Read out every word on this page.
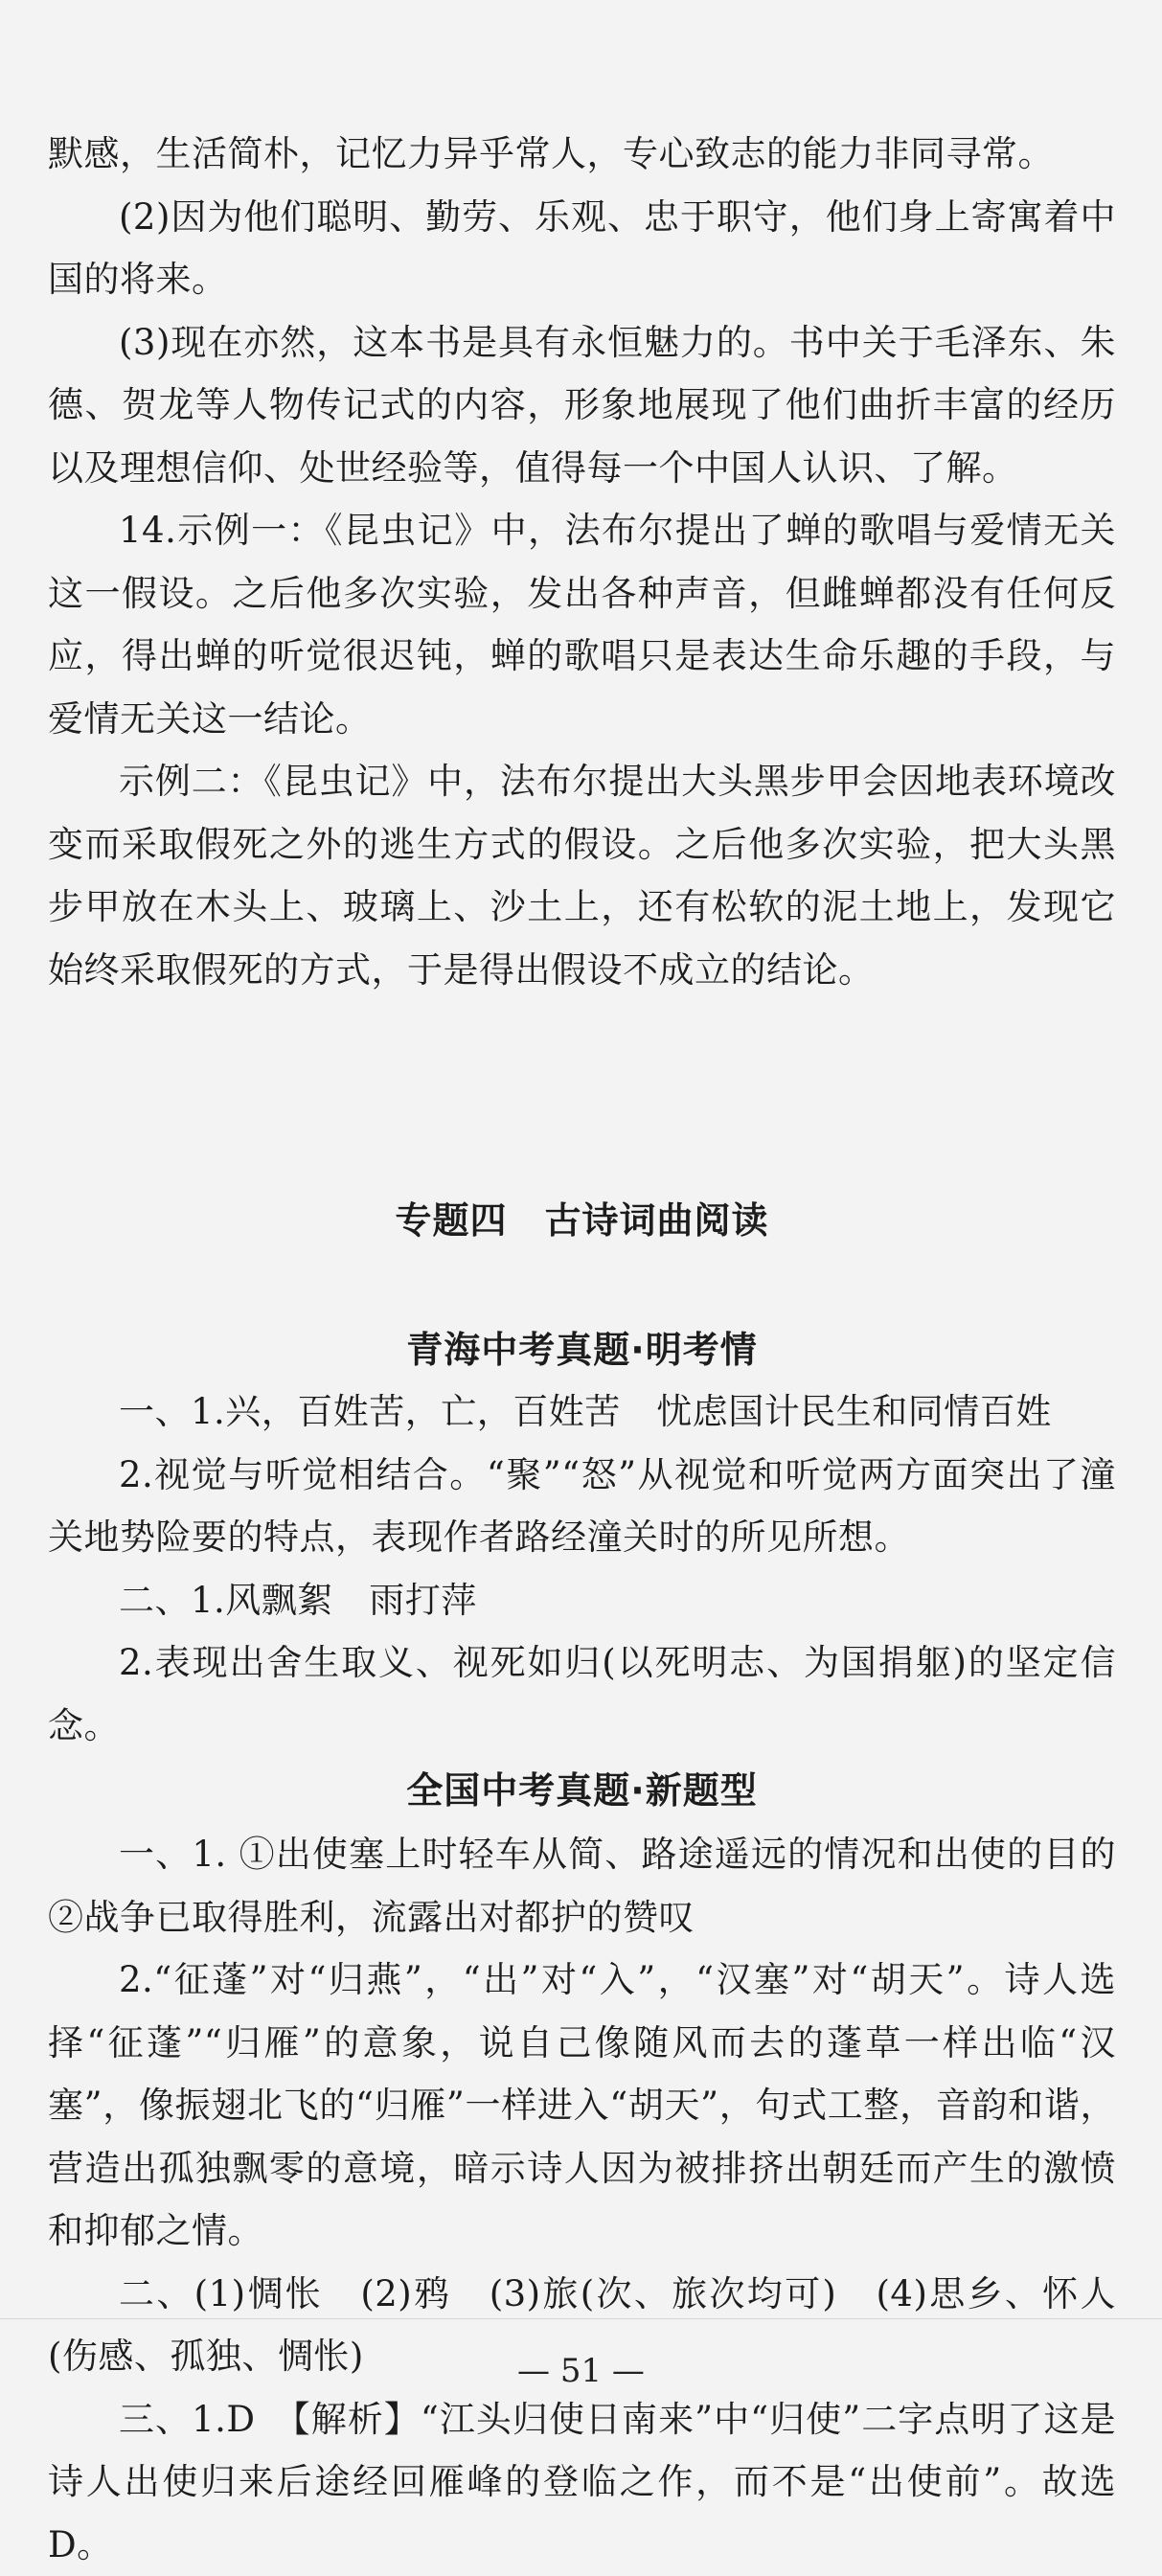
默感，生活简朴，记忆力异乎常人，专心致志的能力非同寻常。

(2)因为他们聪明、勤劳、乐观、忠于职守，他们身上寄寓着中国的将来。

(3)现在亦然，这本书是具有永恒魅力的。书中关于毛泽东、朱德、贺龙等人物传记式的内容，形象地展现了他们曲折丰富的经历以及理想信仰、处世经验等，值得每一个中国人认识、了解。

14.示例一：《昆虫记》中，法布尔提出了蝉的歌唱与爱情无关这一假设。之后他多次实验，发出各种声音，但雌蝉都没有任何反应，得出蝉的听觉很迟钝，蝉的歌唱只是表达生命乐趣的手段，与爱情无关这一结论。

示例二：《昆虫记》中，法布尔提出大头黑步甲会因地表环境改变而采取假死之外的逃生方式的假设。之后他多次实验，把大头黑步甲放在木头上、玻璃上、沙土上，还有松软的泥土地上，发现它始终采取假死的方式，于是得出假设不成立的结论。

专题四　古诗词曲阅读

青海中考真题·明考情

一、1.兴，百姓苦，亡，百姓苦　忧虑国计民生和同情百姓

2.视觉与听觉相结合。“聚”“怒”从视觉和听觉两方面突出了潼关地势险要的特点，表现作者路经潼关时的所见所想。

二、1.风飘絮　雨打萍

2.表现出舍生取义、视死如归(以死明志、为国捐躯)的坚定信念。

全国中考真题·新题型

一、1. ①出使塞上时轻车从简、路途遥远的情况和出使的目的　②战争已取得胜利，流露出对都护的赞叹

2.“征蓬”对“归燕”，“出”对“入”，“汉塞”对“胡天”。诗人选择“征蓬”“归雁”的意象，说自己像随风而去的蓬草一样出临“汉塞”，像振翅北飞的“归雁”一样进入“胡天”，句式工整，音韵和谐，营造出孤独飘零的意境，暗示诗人因为被排挤出朝廷而产生的激愤和抑郁之情。

二、(1)惆怅　(2)鸦　(3)旅(次、旅次均可)　(4)思乡、怀人(伤感、孤独、惆怅)

三、1.D　【解析】“江头归使日南来”中“归使”二字点明了这是诗人出使归来后途经回雁峰的登临之作，而不是“出使前”。故选 D。

— 51 —
